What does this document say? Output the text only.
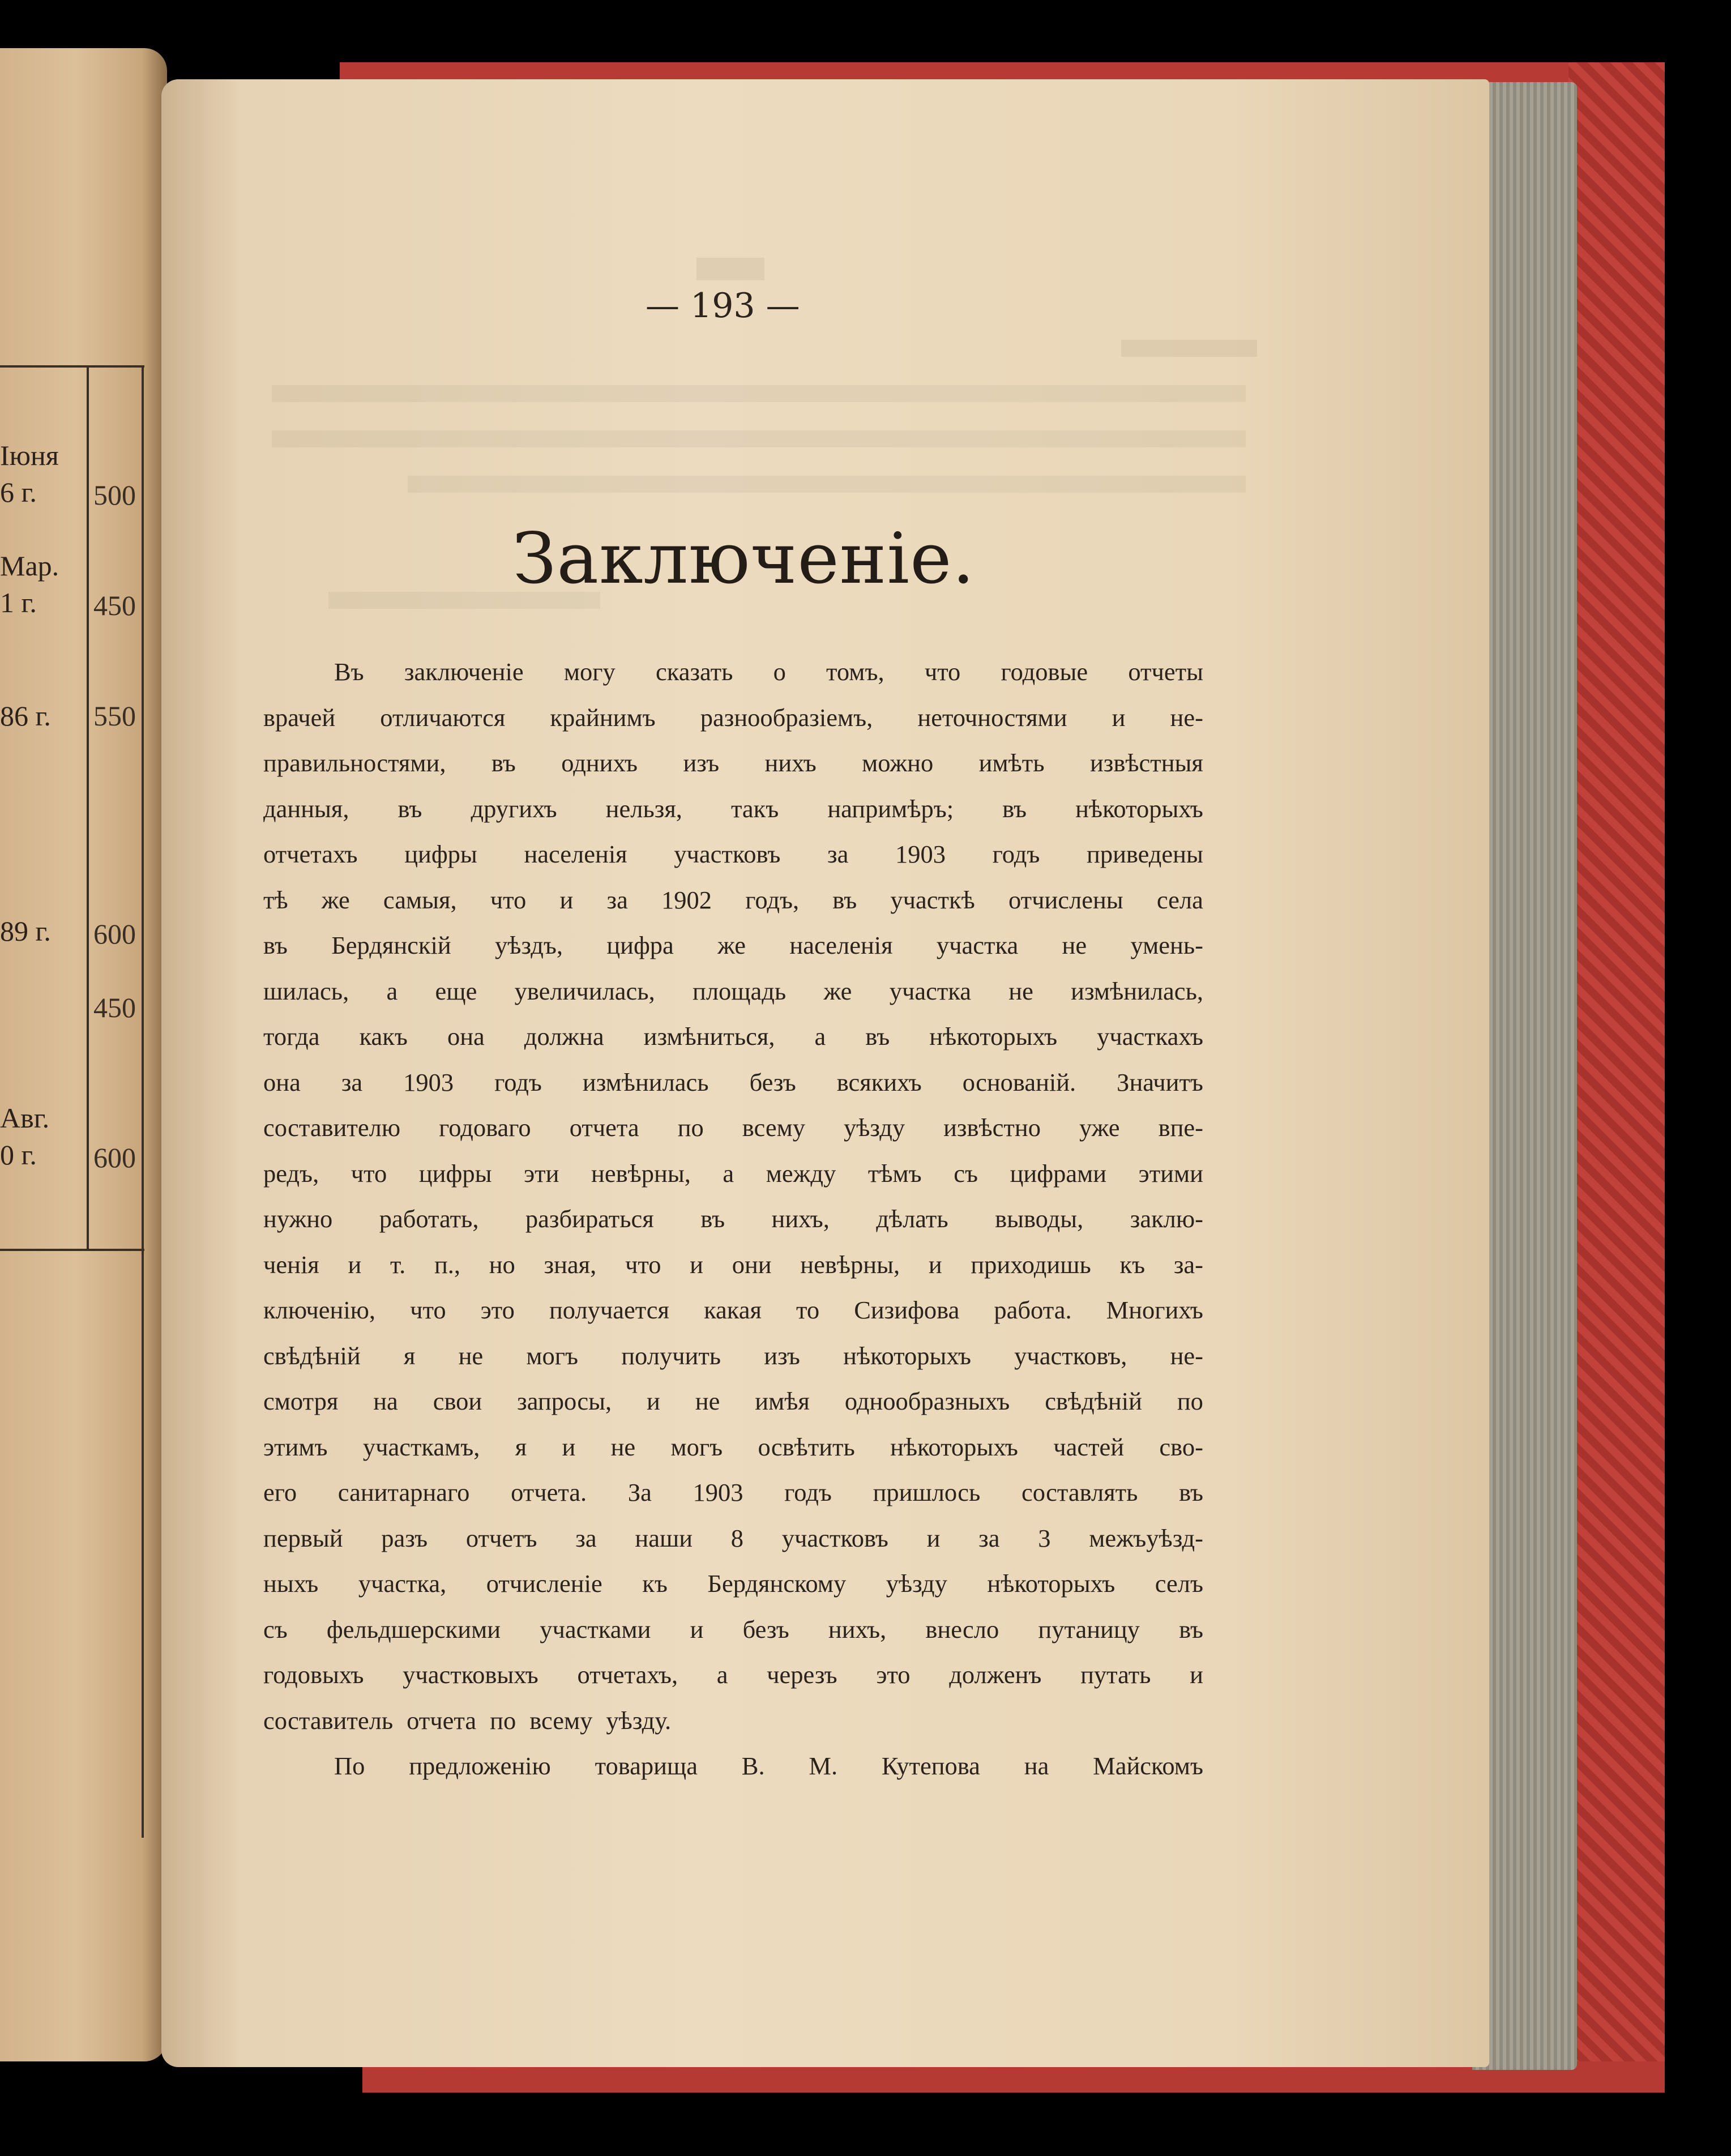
Іюня
6 г.
Мар.
1 г.
86 г.
89 г.
Авг.
0 г.
500
450
550
600
450
600
— 193 —
Заключеніе.
Въ заключеніе могу сказать о томъ, что годовые отчеты
врачей отличаются крайнимъ разнообразіемъ, неточностями и не-
правильностями, въ однихъ изъ нихъ можно имѣть извѣстныя
данныя, въ другихъ нельзя, такъ напримѣръ; въ нѣкоторыхъ
отчетахъ цифры населенія участковъ за 1903 годъ приведены
тѣ же самыя, что и за 1902 годъ, въ участкѣ отчислены села
въ Бердянскій уѣздъ, цифра же населенія участка не умень-
шилась, а еще увеличилась, площадь же участка не измѣнилась,
тогда какъ она должна измѣниться, а въ нѣкоторыхъ участкахъ
она за 1903 годъ измѣнилась безъ всякихъ основаній. Значитъ
составителю годоваго отчета по всему уѣзду извѣстно уже впе-
редъ, что цифры эти невѣрны, а между тѣмъ съ цифрами этими
нужно работать, разбираться въ нихъ, дѣлать выводы, заклю-
ченія и т. п., но зная, что и они невѣрны, и приходишь къ за-
ключенію, что это получается какая то Сизифова работа. Многихъ
свѣдѣній я не могъ получить изъ нѣкоторыхъ участковъ, не-
смотря на свои запросы, и не имѣя однообразныхъ свѣдѣній по
этимъ участкамъ, я и не могъ освѣтить нѣкоторыхъ частей сво-
его санитарнаго отчета. За 1903 годъ пришлось составлять въ
первый разъ отчетъ за наши 8 участковъ и за 3 межъуѣзд-
ныхъ участка, отчисленіе къ Бердянскому уѣзду нѣкоторыхъ селъ
съ фельдшерскими участками и безъ нихъ, внесло путаницу въ
годовыхъ участковыхъ отчетахъ, а черезъ это долженъ путать и
составитель отчета по всему уѣзду.
По предложенію товарища В. М. Кутепова на Майскомъ
